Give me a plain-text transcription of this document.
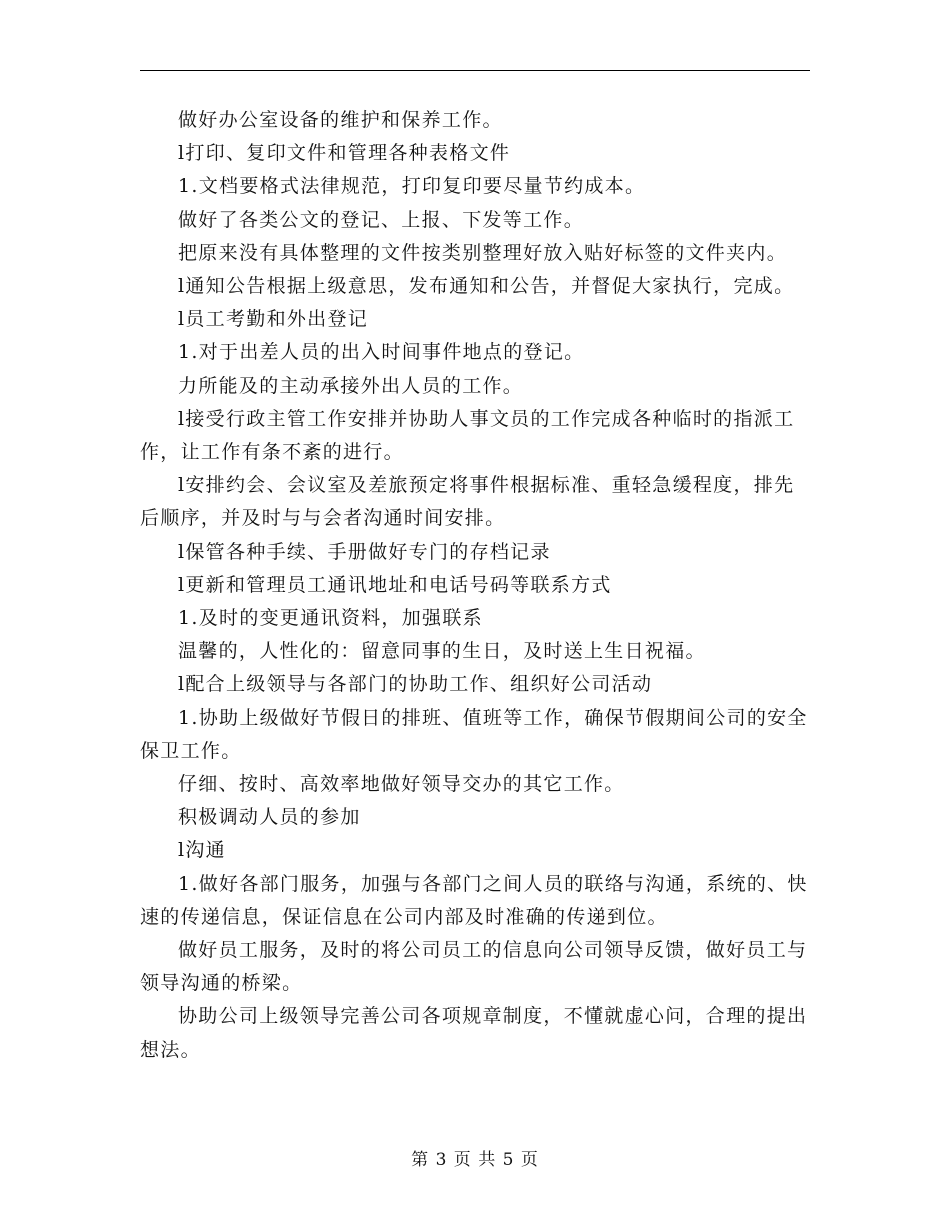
做好办公室设备的维护和保养工作。

l打印、复印文件和管理各种表格文件

1.文档要格式法律规范，打印复印要尽量节约成本。

做好了各类公文的登记、上报、下发等工作。

把原来没有具体整理的文件按类别整理好放入贴好标签的文件夹内。

l通知公告根据上级意思，发布通知和公告，并督促大家执行，完成。

l员工考勤和外出登记

1.对于出差人员的出入时间事件地点的登记。

力所能及的主动承接外出人员的工作。

l接受行政主管工作安排并协助人事文员的工作完成各种临时的指派工作，让工作有条不紊的进行。

l安排约会、会议室及差旅预定将事件根据标准、重轻急缓程度，排先后顺序，并及时与与会者沟通时间安排。

l保管各种手续、手册做好专门的存档记录

l更新和管理员工通讯地址和电话号码等联系方式

1.及时的变更通讯资料，加强联系

温馨的，人性化的：留意同事的生日，及时送上生日祝福。

l配合上级领导与各部门的协助工作、组织好公司活动

1.协助上级做好节假日的排班、值班等工作，确保节假期间公司的安全保卫工作。

仔细、按时、高效率地做好领导交办的其它工作。

积极调动人员的参加

l沟通

1.做好各部门服务，加强与各部门之间人员的联络与沟通，系统的、快速的传递信息，保证信息在公司内部及时准确的传递到位。

做好员工服务，及时的将公司员工的信息向公司领导反馈，做好员工与领导沟通的桥梁。

协助公司上级领导完善公司各项规章制度，不懂就虚心问，合理的提出想法。

第 3 页 共 5 页
